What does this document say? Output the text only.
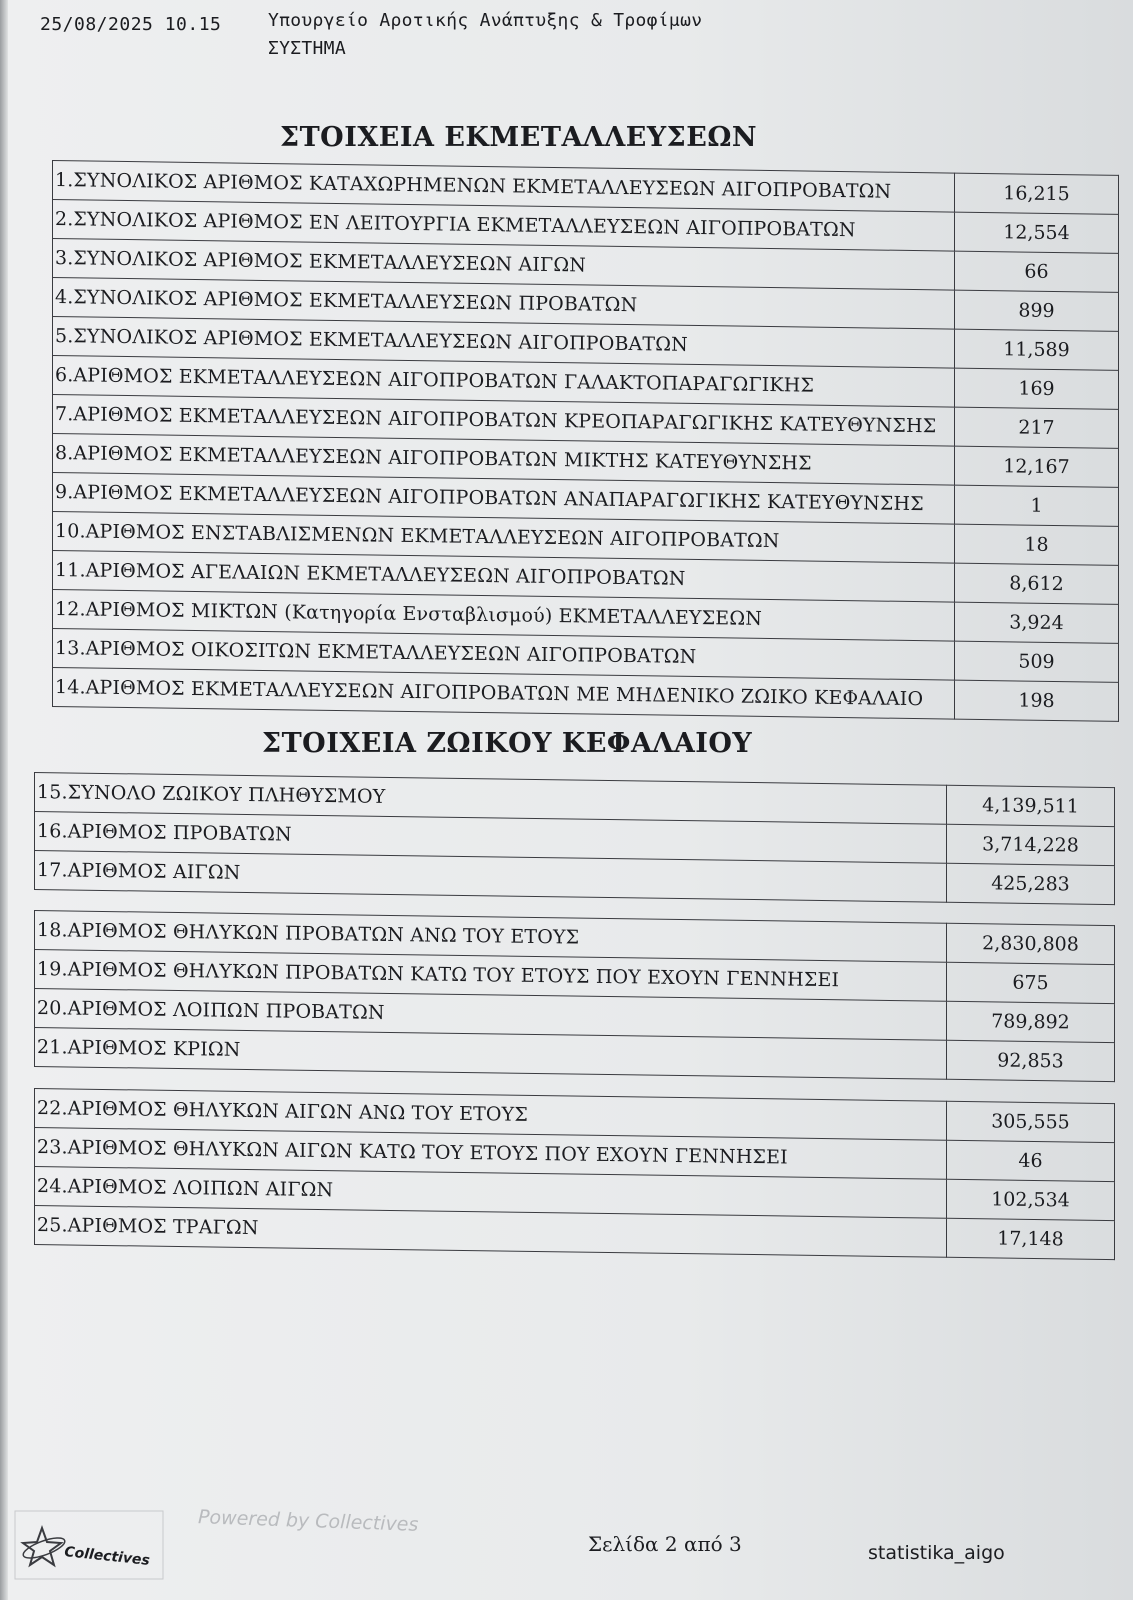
25/08/2025 10.15	Υπουργείο Αροτικής Ανάπτυξης & Τροφίμων
ΣΥΣΤΗΜΑ
ΣΤΟΙΧΕΙΑ ΕΚΜΕΤΑΛΛΕΥΣΕΩΝ
1.ΣΥΝΟΛΙΚΟΣ ΑΡΙΘΜΟΣ ΚΑΤΑΧΩΡΗΜΕΝΩΝ ΕΚΜΕΤΑΛΛΕΥΣΕΩΝ ΑΙΓΟΠΡΟΒΑΤΩΝ	16,215
2.ΣΥΝΟΛΙΚΟΣ ΑΡΙΘΜΟΣ ΕΝ ΛΕΙΤΟΥΡΓΙΑ ΕΚΜΕΤΑΛΛΕΥΣΕΩΝ ΑΙΓΟΠΡΟΒΑΤΩΝ	12,554
3.ΣΥΝΟΛΙΚΟΣ ΑΡΙΘΜΟΣ ΕΚΜΕΤΑΛΛΕΥΣΕΩΝ ΑΙΓΩΝ	66
4.ΣΥΝΟΛΙΚΟΣ ΑΡΙΘΜΟΣ ΕΚΜΕΤΑΛΛΕΥΣΕΩΝ ΠΡΟΒΑΤΩΝ	899
5.ΣΥΝΟΛΙΚΟΣ ΑΡΙΘΜΟΣ ΕΚΜΕΤΑΛΛΕΥΣΕΩΝ ΑΙΓΟΠΡΟΒΑΤΩΝ	11,589
6.ΑΡΙΘΜΟΣ ΕΚΜΕΤΑΛΛΕΥΣΕΩΝ ΑΙΓΟΠΡΟΒΑΤΩΝ ΓΑΛΑΚΤΟΠΑΡΑΓΩΓΙΚΗΣ	169
7.ΑΡΙΘΜΟΣ ΕΚΜΕΤΑΛΛΕΥΣΕΩΝ ΑΙΓΟΠΡΟΒΑΤΩΝ ΚΡΕΟΠΑΡΑΓΩΓΙΚΗΣ ΚΑΤΕΥΘΥΝΣΗΣ	217
8.ΑΡΙΘΜΟΣ ΕΚΜΕΤΑΛΛΕΥΣΕΩΝ ΑΙΓΟΠΡΟΒΑΤΩΝ ΜΙΚΤΗΣ ΚΑΤΕΥΘΥΝΣΗΣ	12,167
9.ΑΡΙΘΜΟΣ ΕΚΜΕΤΑΛΛΕΥΣΕΩΝ ΑΙΓΟΠΡΟΒΑΤΩΝ ΑΝΑΠΑΡΑΓΩΓΙΚΗΣ ΚΑΤΕΥΘΥΝΣΗΣ	1
10.ΑΡΙΘΜΟΣ ΕΝΣΤΑΒΛΙΣΜΕΝΩΝ ΕΚΜΕΤΑΛΛΕΥΣΕΩΝ ΑΙΓΟΠΡΟΒΑΤΩΝ	18
11.ΑΡΙΘΜΟΣ ΑΓΕΛΑΙΩΝ ΕΚΜΕΤΑΛΛΕΥΣΕΩΝ ΑΙΓΟΠΡΟΒΑΤΩΝ	8,612
12.ΑΡΙΘΜΟΣ ΜΙΚΤΩΝ (Κατηγορία Ενσταβλισμού) ΕΚΜΕΤΑΛΛΕΥΣΕΩΝ	3,924
13.ΑΡΙΘΜΟΣ ΟΙΚΟΣΙΤΩΝ ΕΚΜΕΤΑΛΛΕΥΣΕΩΝ ΑΙΓΟΠΡΟΒΑΤΩΝ	509
14.ΑΡΙΘΜΟΣ ΕΚΜΕΤΑΛΛΕΥΣΕΩΝ ΑΙΓΟΠΡΟΒΑΤΩΝ ΜΕ ΜΗΔΕΝΙΚΟ ΖΩΙΚΟ ΚΕΦΑΛΑΙΟ	198
ΣΤΟΙΧΕΙΑ ΖΩΙΚΟΥ ΚΕΦΑΛΑΙΟΥ
15.ΣΥΝΟΛΟ ΖΩΙΚΟΥ ΠΛΗΘΥΣΜΟΥ	4,139,511
16.ΑΡΙΘΜΟΣ ΠΡΟΒΑΤΩΝ	3,714,228
17.ΑΡΙΘΜΟΣ ΑΙΓΩΝ	425,283
18.ΑΡΙΘΜΟΣ ΘΗΛΥΚΩΝ ΠΡΟΒΑΤΩΝ ΑΝΩ ΤΟΥ ΕΤΟΥΣ	2,830,808
19.ΑΡΙΘΜΟΣ ΘΗΛΥΚΩΝ ΠΡΟΒΑΤΩΝ ΚΑΤΩ ΤΟΥ ΕΤΟΥΣ ΠΟΥ ΕΧΟΥΝ ΓΕΝΝΗΣΕΙ	675
20.ΑΡΙΘΜΟΣ ΛΟΙΠΩΝ ΠΡΟΒΑΤΩΝ	789,892
21.ΑΡΙΘΜΟΣ ΚΡΙΩΝ	92,853
22.ΑΡΙΘΜΟΣ ΘΗΛΥΚΩΝ ΑΙΓΩΝ ΑΝΩ ΤΟΥ ΕΤΟΥΣ	305,555
23.ΑΡΙΘΜΟΣ ΘΗΛΥΚΩΝ ΑΙΓΩΝ ΚΑΤΩ ΤΟΥ ΕΤΟΥΣ ΠΟΥ ΕΧΟΥΝ ΓΕΝΝΗΣΕΙ	46
24.ΑΡΙΘΜΟΣ ΛΟΙΠΩΝ ΑΙΓΩΝ	102,534
25.ΑΡΙΘΜΟΣ ΤΡΑΓΩΝ	17,148
Collectives
Powered by Collectives
Σελίδα 2 από 3	statistika_aigo
